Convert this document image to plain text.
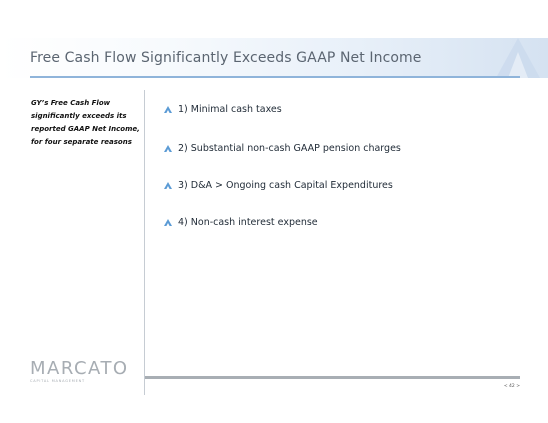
Free Cash Flow Significantly Exceeds GAAP Net Income
GY’s Free Cash Flow significantly exceeds its reported GAAP Net Income, for four separate reasons
1) Minimal cash taxes
2) Substantial non-cash GAAP pension charges
3) D&A > Ongoing cash Capital Expenditures
4) Non-cash interest expense
MARCATO
CAPITAL MANAGEMENT
< 42 >
